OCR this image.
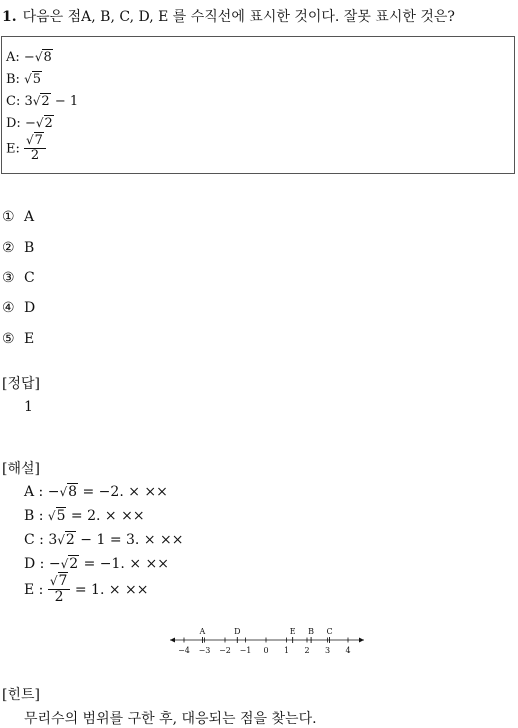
1. 다음은 점A, B, C, D, E 를 수직선에 표시한 것이다. 잘못 표시한 것은?
A: −√8
B: √5
C: 3√2 − 1
D: −√2
E: $\frac{√7}{2}$
① A
② B
③ C
④ D
⑤ E
[정답]
1
[해설]
A : −√8 = −2. × ××
B : √5 = 2. × ××
C : 3√2 − 1 = 3. × ××
D : −√2 = −1. × ××
E : $\frac{√7}{2} = 1$. × ××
−4 −3 −2 −1 0 1 2 3 4
A	D	E B C
[힌트]
무리수의 범위를 구한 후, 대응되는 점을 찾는다.
